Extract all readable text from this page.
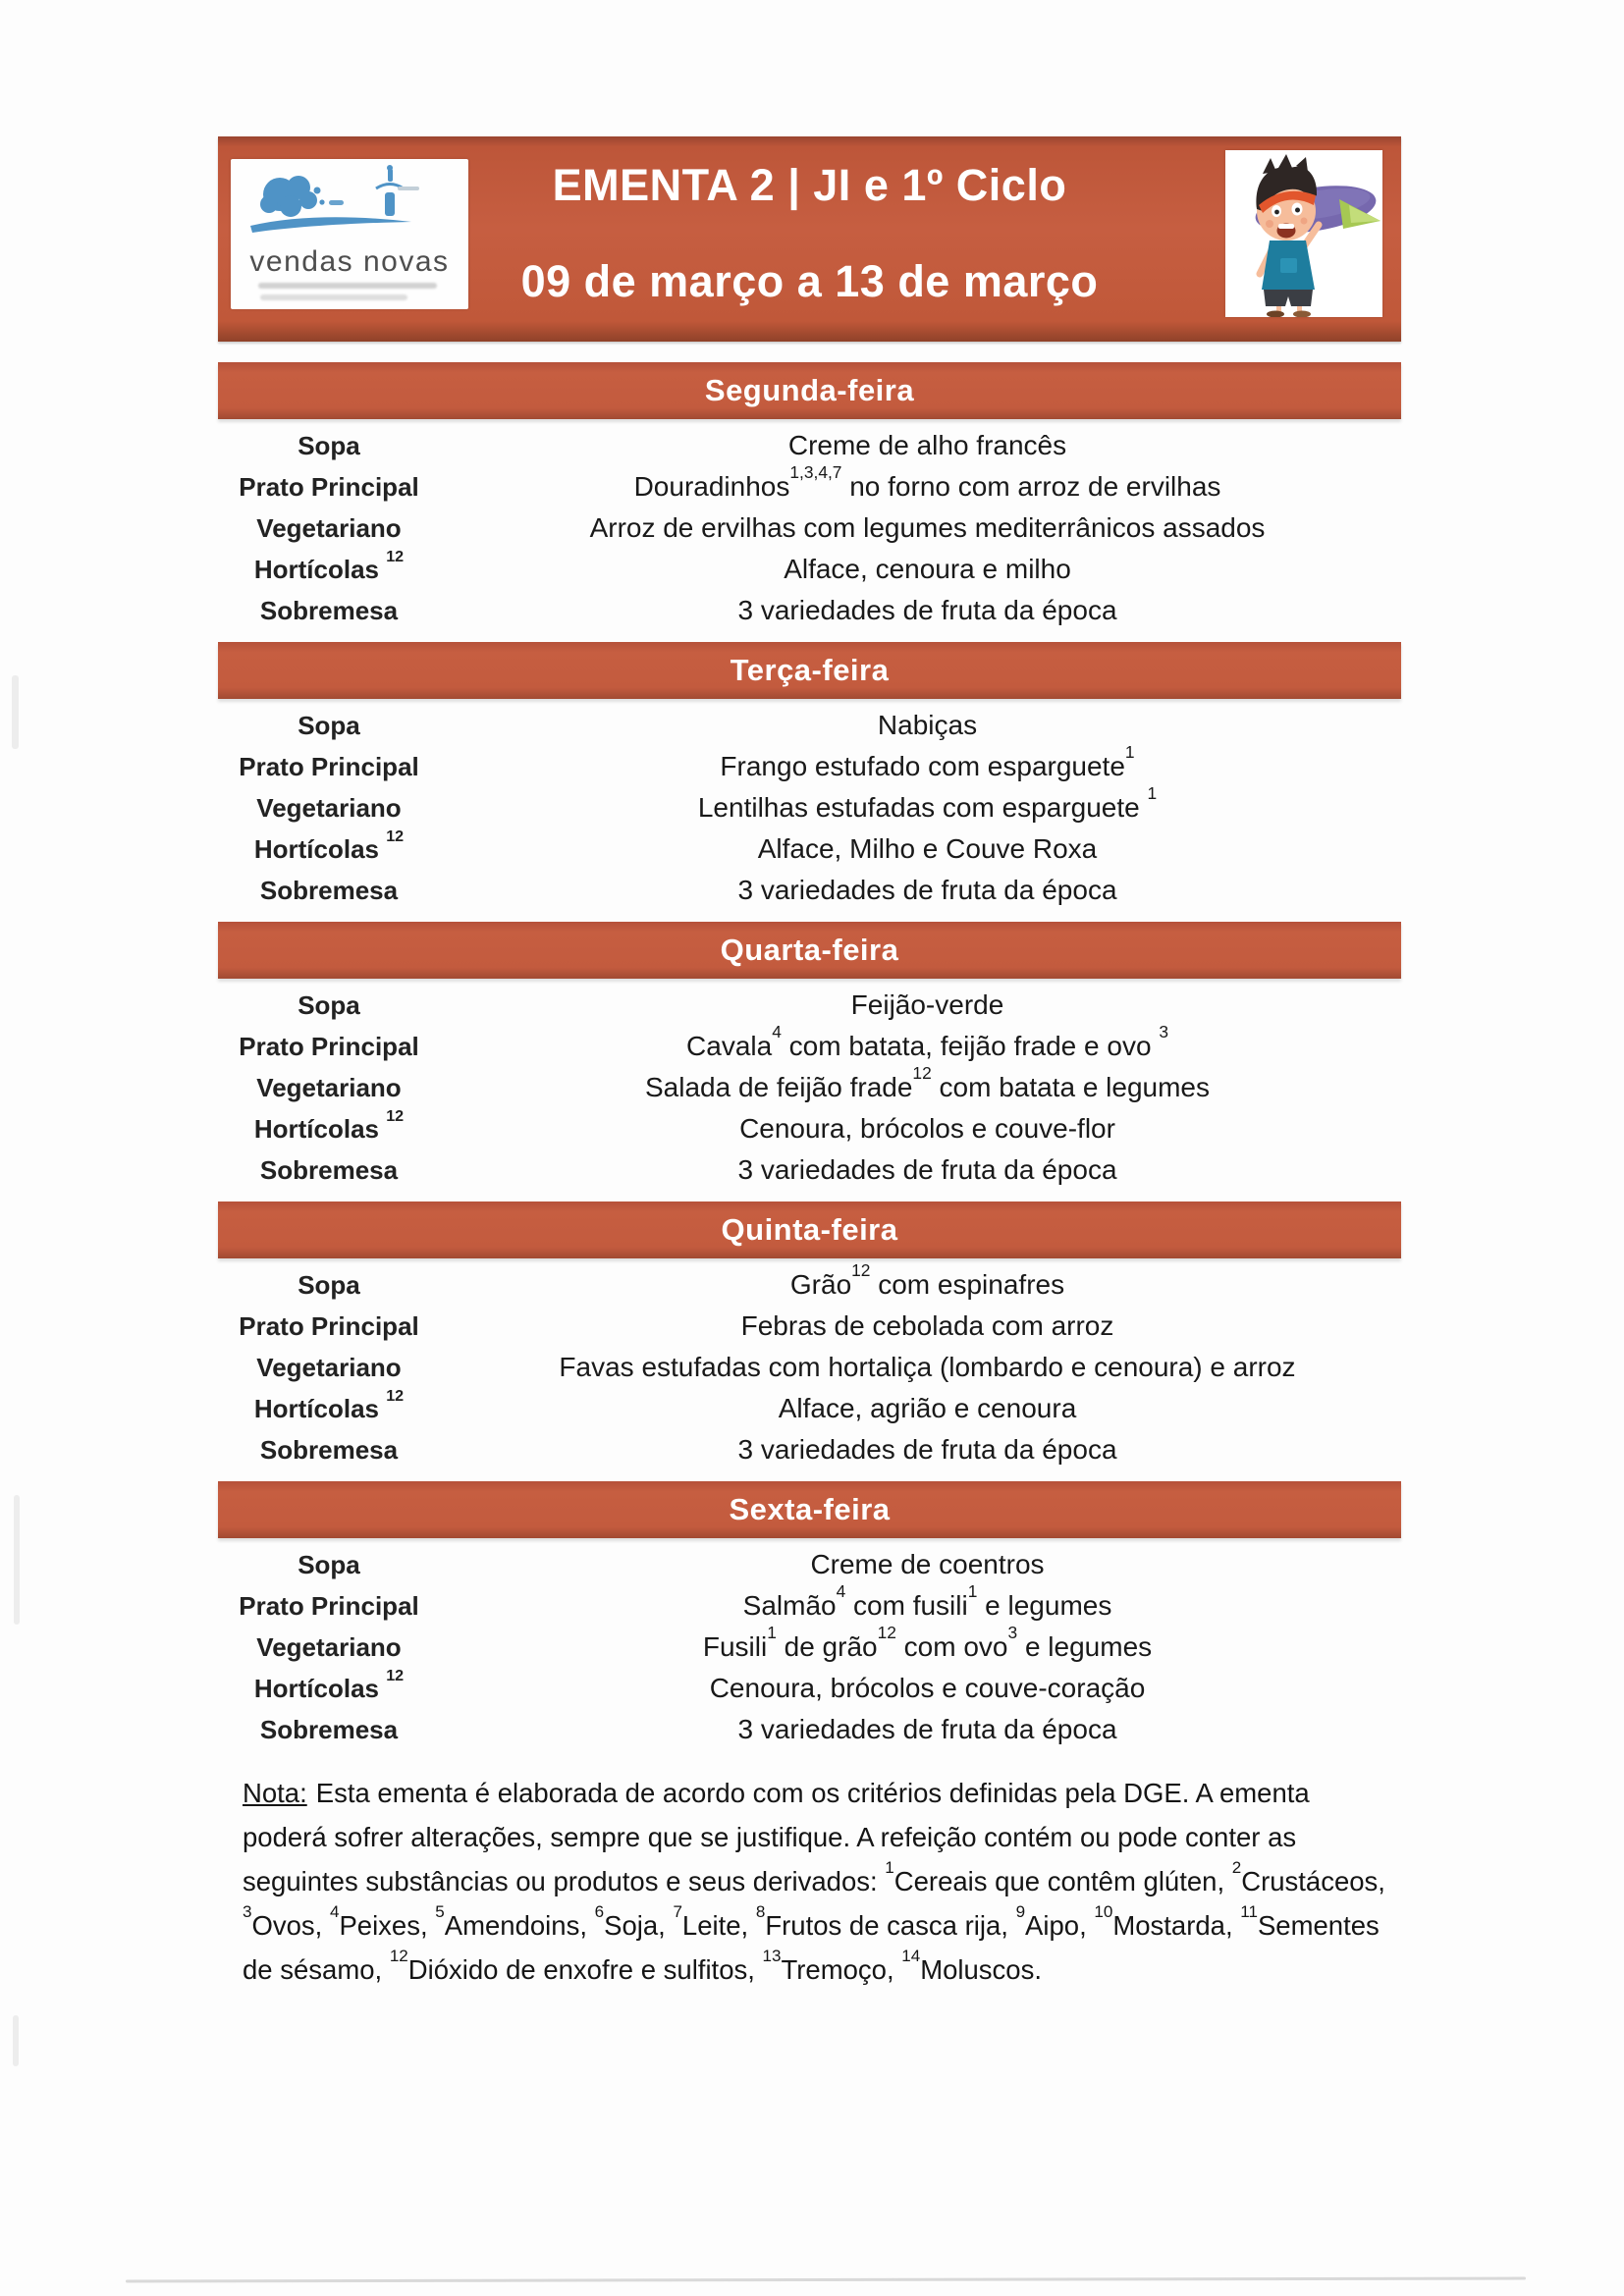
vendas novas
EMENTA 2 | JI e 1º Ciclo
09 de março a 13 de março
Segunda-feira
Sopa	Creme de alho francês
Prato Principal	Douradinhos$^{1,3,4,7}$ no forno com arroz de ervilhas
Vegetariano	Arroz de ervilhas com legumes mediterrânicos assados
Hortícolas $^{12}$	Alface, cenoura e milho
Sobremesa	3 variedades de fruta da época
Terça-feira
Sopa	Nabiças
Prato Principal	Frango estufado com esparguete$^1$
Vegetariano	Lentilhas estufadas com esparguete $^1$
Hortícolas $^{12}$	Alface, Milho e Couve Roxa
Sobremesa	3 variedades de fruta da época
Quarta-feira
Sopa	Feijão-verde
Prato Principal	Cavala$^4$ com batata, feijão frade e ovo $^3$
Vegetariano	Salada de feijão frade$^{12}$ com batata e legumes
Hortícolas $^{12}$	Cenoura, brócolos e couve-flor
Sobremesa	3 variedades de fruta da época
Quinta-feira
Sopa	Grão$^{12}$ com espinafres
Prato Principal	Febras de cebolada com arroz
Vegetariano	Favas estufadas com hortaliça (lombardo e cenoura) e arroz
Hortícolas $^{12}$	Alface, agrião e cenoura
Sobremesa	3 variedades de fruta da época
Sexta-feira
Sopa	Creme de coentros
Prato Principal	Salmão$^4$ com fusili$^1$ e legumes
Vegetariano	Fusili$^1$ de grão$^{12}$ com ovo$^3$ e legumes
Hortícolas $^{12}$	Cenoura, brócolos e couve-coração
Sobremesa	3 variedades de fruta da época

Nota: Esta ementa é elaborada de acordo com os critérios definidas pela DGE. A ementa poderá sofrer alterações, sempre que se justifique. A refeição contém ou pode conter as seguintes substâncias ou produtos e seus derivados: $^1$Cereais que contêm glúten, $^2$Crustáceos, $^3$Ovos, $^4$Peixes, $^5$Amendoins, $^6$Soja, $^7$Leite, $^8$Frutos de casca rija, $^9$Aipo, $^{10}$Mostarda, $^{11}$Sementes de sésamo, $^{12}$Dióxido de enxofre e sulfitos, $^{13}$Tremoço, $^{14}$Moluscos.
